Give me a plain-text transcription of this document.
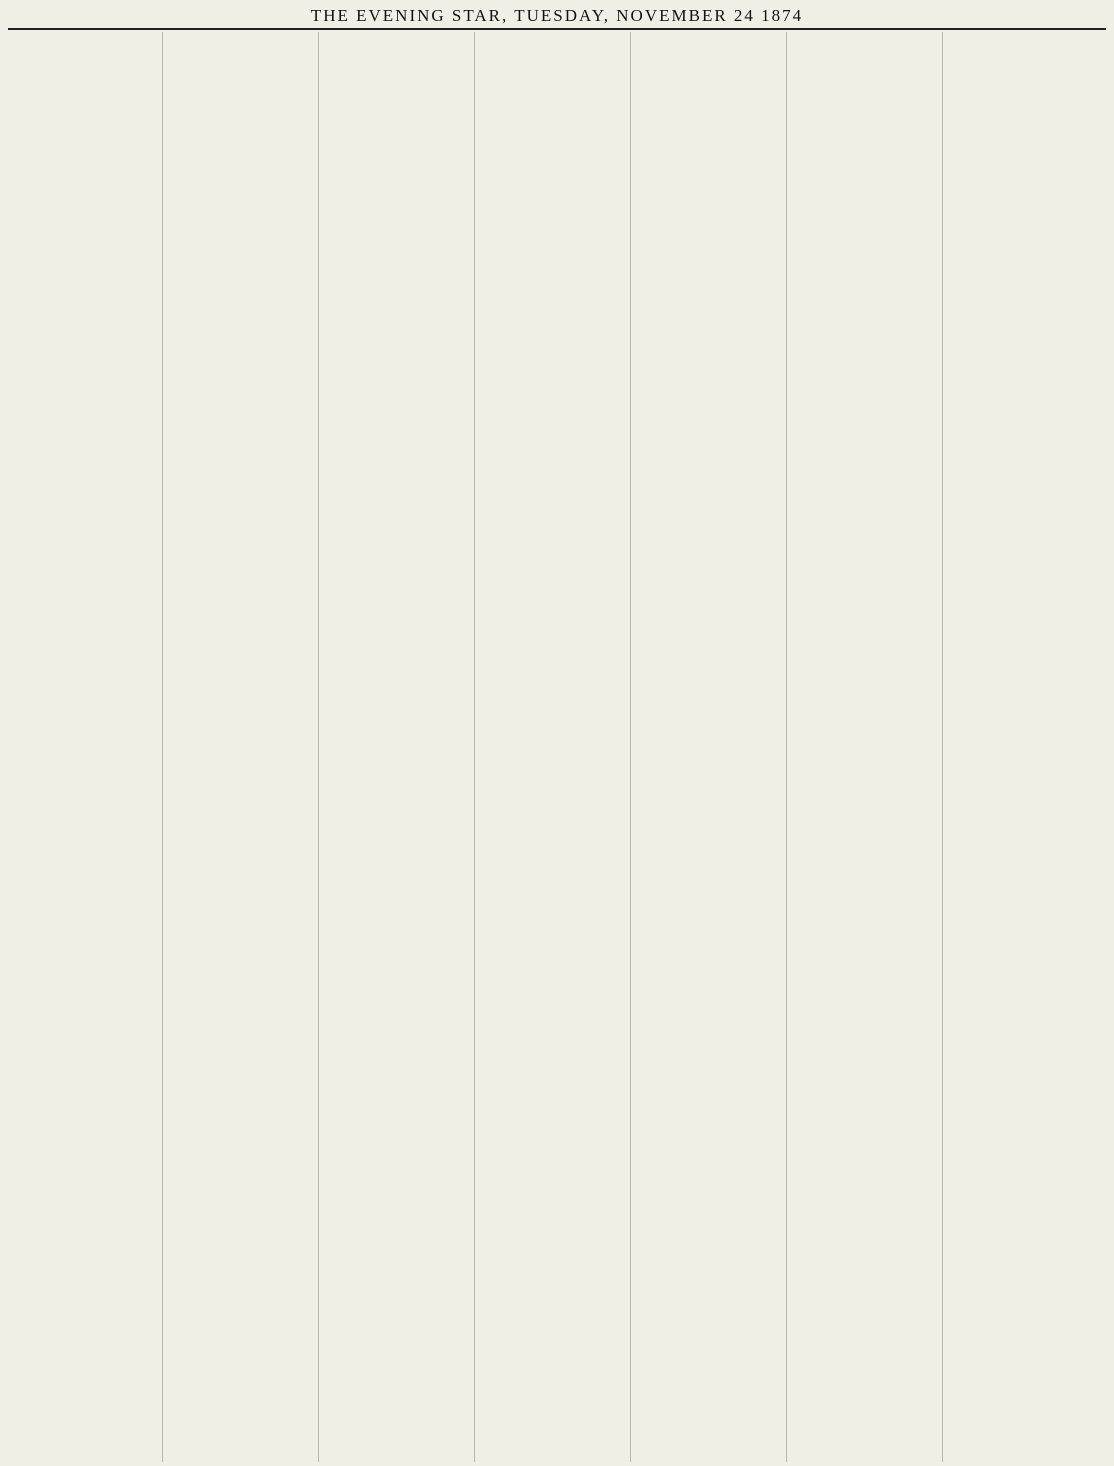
THE EVENING STAR, TUESDAY, NOVEMBER 24 1874
